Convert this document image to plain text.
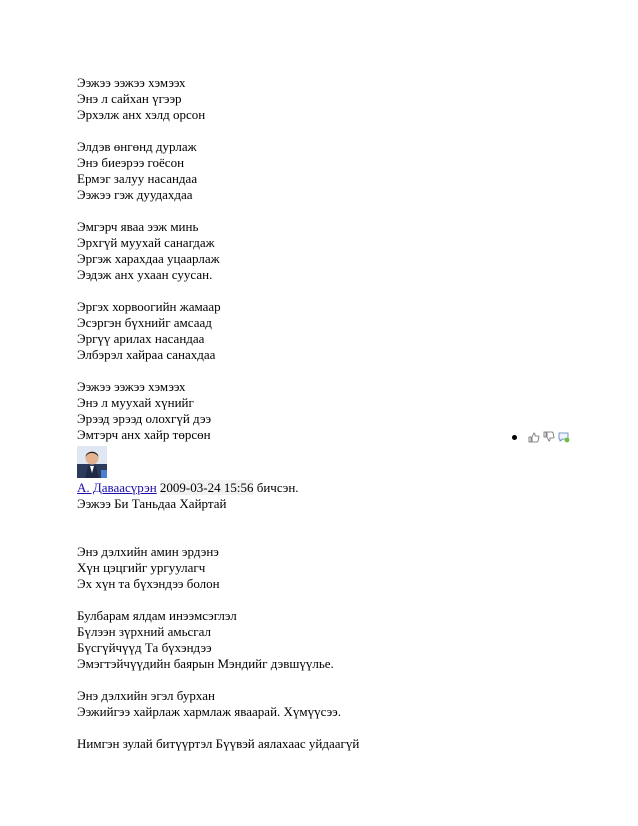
Ээжээ ээжээ хэмээх
Энэ л сайхан үгээр
Эрхэлж анх хэлд орсон
Элдэв өнгөнд дурлаж
Энэ биеэрээ гоёсон
Ермэг залуу насандаа
Ээжээ гэж дуудахдаа
Эмгэрч яваа ээж минь
Эрхгүй муухай санагдаж
Эргэж харахдаа уцаарлаж
Ээдэж анх ухаан суусан.
Эргэх хорвоогийн жамаар
Эсэргэн бүхнийг амсаад
Эргүү арилах насандаа
Элбэрэл хайраа санахдаа
Ээжээ ээжээ хэмээх
Энэ л муухай хүнийг
Эрээд эрээд олохгүй дээ
Эмтэрч анх хайр төрсөн
А. Даваасүрэн 2009-03-24 15:56 бичсэн.
Ээжээ Би Таньдаа Хайртай
Энэ дэлхийн амин эрдэнэ
Хүн цэцгийг ургуулагч
Эх хүн та бүхэндээ болон
Булбарам ялдам инээмсэглэл
Бүлээн зүрхний амьсгал
Бүсгүйчүүд Та бүхэндээ
Эмэгтэйчүүдийн баярын Мэндийг дэвшүүлье.
Энэ дэлхийн эгэл бурхан
Ээжийгээ хайрлаж хармлаж яваарай. Хүмүүсээ.
Нимгэн зулай битүүртэл Бүүвэй аялахаас уйдаагүй
